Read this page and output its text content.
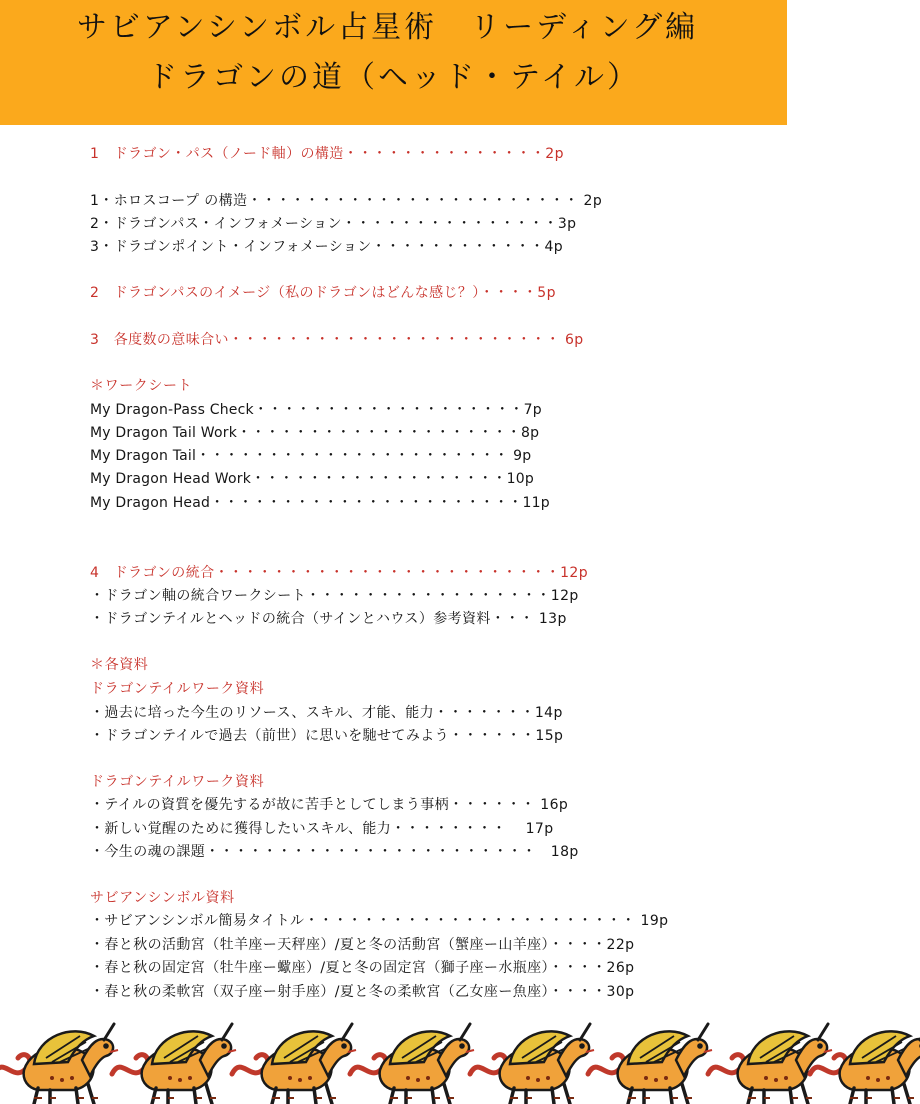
サビアンシンボル占星術　リーディング編
ドラゴンの道（ヘッド・テイル）
1　ドラゴン・パス（ノード軸）の構造・・・・・・・・・・・・・・2p
1・ホロスコープ の構造・・・・・・・・・・・・・・・・・・・・・・・ 2p
2・ドラゴンパス・インフォメーション・・・・・・・・・・・・・・・3p
3・ドラゴンポイント・インフォメーション・・・・・・・・・・・・4p
2　ドラゴンパスのイメージ（私のドラゴンはどんな感じ？）・・・・5p
3　各度数の意味合い・・・・・・・・・・・・・・・・・・・・・・・ 6p
＊ワークシート
My Dragon-Pass Check・・・・・・・・・・・・・・・・・・・7p
My Dragon Tail Work・・・・・・・・・・・・・・・・・・・・8p
My Dragon Tail・・・・・・・・・・・・・・・・・・・・・・ 9p
My Dragon Head Work・・・・・・・・・・・・・・・・・・10p
My Dragon Head・・・・・・・・・・・・・・・・・・・・・・11p
4　ドラゴンの統合・・・・・・・・・・・・・・・・・・・・・・・・12p
・ドラゴン軸の統合ワークシート・・・・・・・・・・・・・・・・・12p
・ドラゴンテイルとヘッドの統合（サインとハウス）参考資料・・・ 13p
＊各資料
ドラゴンテイルワーク資料
・過去に培った今生のリソース、スキル、才能、能力・・・・・・・14p
・ドラゴンテイルで過去（前世）に思いを馳せてみよう・・・・・・15p
ドラゴンテイルワーク資料
・テイルの資質を優先するが故に苦手としてしまう事柄・・・・・・ 16p
・新しい覚醒のために獲得したいスキル、能力・・・・・・・・　 17p
・今生の魂の課題・・・・・・・・・・・・・・・・・・・・・・・　18p
サビアンシンボル資料
・サビアンシンボル簡易タイトル・・・・・・・・・・・・・・・・・・・・・・・ 19p
・春と秋の活動宮（牡羊座ー天秤座）/夏と冬の活動宮（蟹座ー山羊座）・・・・22p
・春と秋の固定宮（牡牛座ー蠍座）/夏と冬の固定宮（獅子座ー水瓶座）・・・・26p
・春と秋の柔軟宮（双子座ー射手座）/夏と冬の柔軟宮（乙女座ー魚座）・・・・30p
